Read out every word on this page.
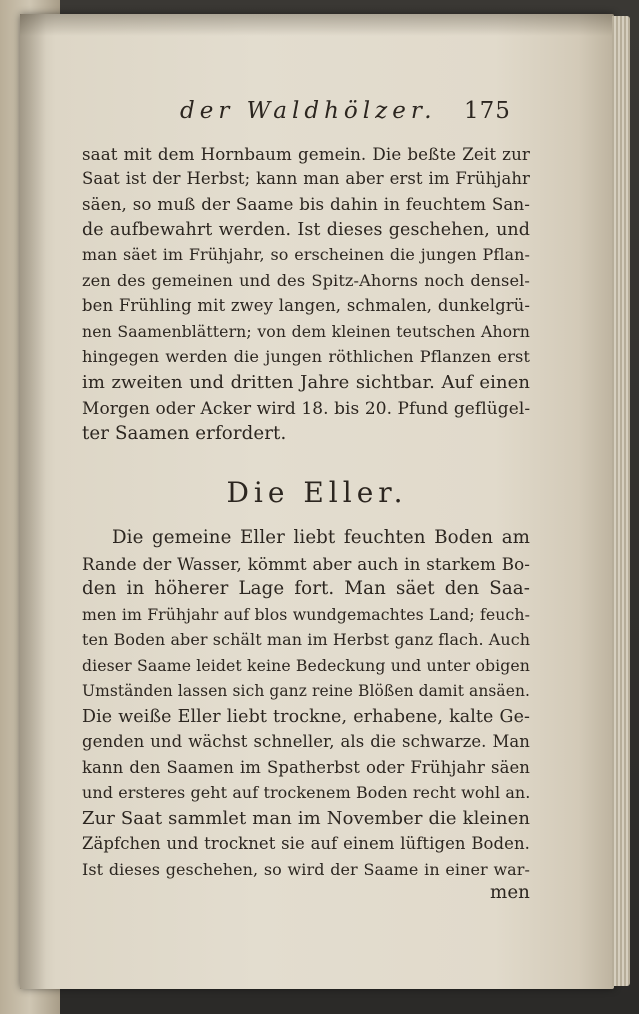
der Waldhölzer.	175
saat mit dem Hornbaum gemein. Die beßte Zeit zur
Saat ist der Herbst; kann man aber erst im Frühjahr
säen, so muß der Saame bis dahin in feuchtem San-
de aufbewahrt werden. Ist dieses geschehen, und
man säet im Frühjahr, so erscheinen die jungen Pflan-
zen des gemeinen und des Spitz-Ahorns noch densel-
ben Frühling mit zwey langen, schmalen, dunkelgrü-
nen Saamenblättern; von dem kleinen teutschen Ahorn
hingegen werden die jungen röthlichen Pflanzen erst
im zweiten und dritten Jahre sichtbar. Auf einen
Morgen oder Acker wird 18. bis 20. Pfund geflügel-
ter Saamen erfordert.
Die Eller.
Die gemeine Eller liebt feuchten Boden am
Rande der Wasser, kömmt aber auch in starkem Bo-
den in höherer Lage fort. Man säet den Saa-
men im Frühjahr auf blos wundgemachtes Land; feuch-
ten Boden aber schält man im Herbst ganz flach. Auch
dieser Saame leidet keine Bedeckung und unter obigen
Umständen lassen sich ganz reine Blößen damit ansäen.
Die weiße Eller liebt trockne, erhabene, kalte Ge-
genden und wächst schneller, als die schwarze. Man
kann den Saamen im Spatherbst oder Frühjahr säen
und ersteres geht auf trockenem Boden recht wohl an.
Zur Saat sammlet man im November die kleinen
Zäpfchen und trocknet sie auf einem lüftigen Boden.
Ist dieses geschehen, so wird der Saame in einer war-
men
